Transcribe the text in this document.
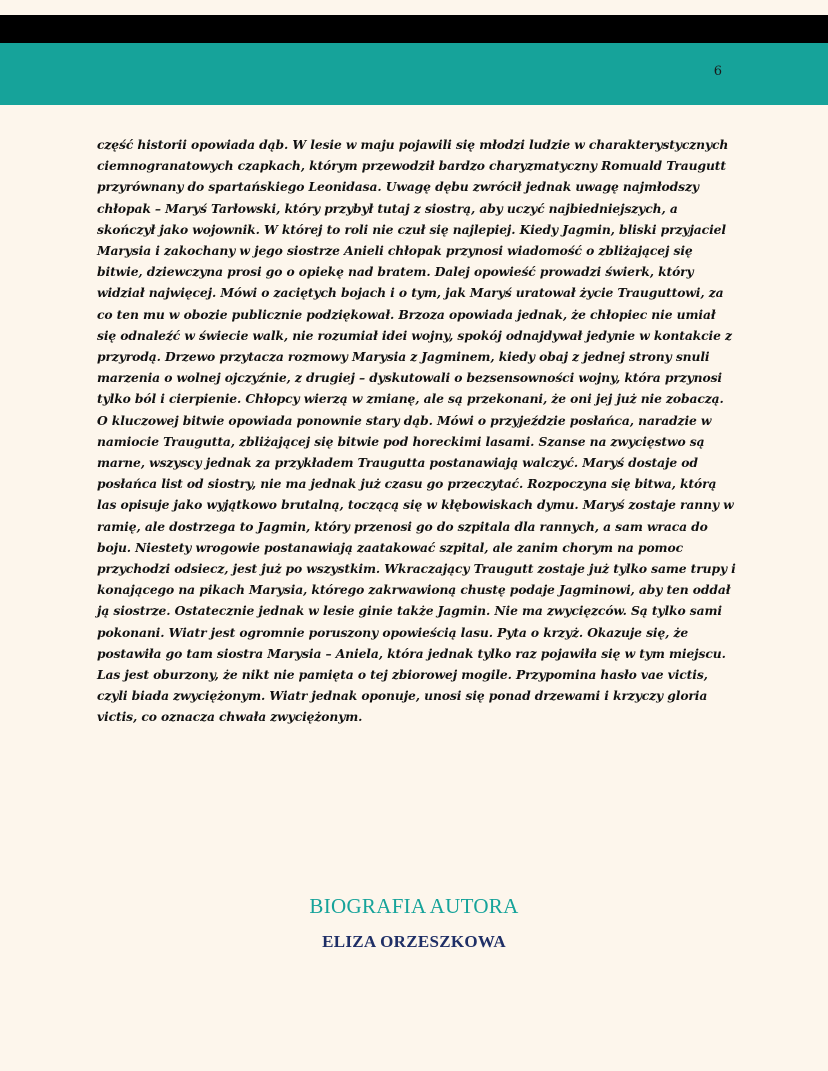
6

część historii opowiada dąb. W lesie w maju pojawili się młodzi ludzie w charakterystycznych ciemnogranatowych czapkach, którym przewodził bardzo charyzmatyczny Romuald Traugutt przyrównany do spartańskiego Leonidasa. Uwagę dębu zwrócił jednak uwagę najmłodszy chłopak – Maryś Tarłowski, który przybył tutaj z siostrą, aby uczyć najbiedniejszych, a skończył jako wojownik. W której to roli nie czuł się najlepiej. Kiedy Jagmin, bliski przyjaciel Marysia i zakochany w jego siostrze Anieli chłopak przynosi wiadomość o zbliżającej się bitwie, dziewczyna prosi go o opiekę nad bratem. Dalej opowieść prowadzi świerk, który widział najwięcej. Mówi o zaciętych bojach i o tym, jak Maryś uratował życie Trauguttowi, za co ten mu w obozie publicznie podziękował. Brzoza opowiada jednak, że chłopiec nie umiał się odnaleźć w świecie walk, nie rozumiał idei wojny, spokój odnajdywał jedynie w kontakcie z przyrodą. Drzewo przytacza rozmowy Marysia z Jagminem, kiedy obaj z jednej strony snuli marzenia o wolnej ojczyźnie, z drugiej – dyskutowali o bezsensowności wojny, która przynosi tylko ból i cierpienie. Chłopcy wierzą w zmianę, ale są przekonani, że oni jej już nie zobaczą. O kluczowej bitwie opowiada ponownie stary dąb. Mówi o przyjeździe posłańca, naradzie w namiocie Traugutta, zbliżającej się bitwie pod horeckimi lasami. Szanse na zwycięstwo są marne, wszyscy jednak za przykładem Traugutta postanawiają walczyć. Maryś dostaje od posłańca list od siostry, nie ma jednak już czasu go przeczytać. Rozpoczyna się bitwa, którą las opisuje jako wyjątkowo brutalną, toczącą się w kłębowiskach dymu. Maryś zostaje ranny w ramię, ale dostrzega to Jagmin, który przenosi go do szpitala dla rannych, a sam wraca do boju. Niestety wrogowie postanawiają zaatakować szpital, ale zanim chorym na pomoc przychodzi odsiecz, jest już po wszystkim. Wkraczający Traugutt zostaje już tylko same trupy i konającego na pikach Marysia, którego zakrwawioną chustę podaje Jagminowi, aby ten oddał ją siostrze. Ostatecznie jednak w lesie ginie także Jagmin. Nie ma zwycięzców. Są tylko sami pokonani. Wiatr jest ogromnie poruszony opowieścią lasu. Pyta o krzyż. Okazuje się, że postawiła go tam siostra Marysia – Aniela, która jednak tylko raz pojawiła się w tym miejscu. Las jest oburzony, że nikt nie pamięta o tej zbiorowej mogile. Przypomina hasło vae victis, czyli biada zwyciężonym. Wiatr jednak oponuje, unosi się ponad drzewami i krzyczy gloria victis, co oznacza chwała zwyciężonym.

BIOGRAFIA AUTORA
ELIZA ORZESZKOWA
